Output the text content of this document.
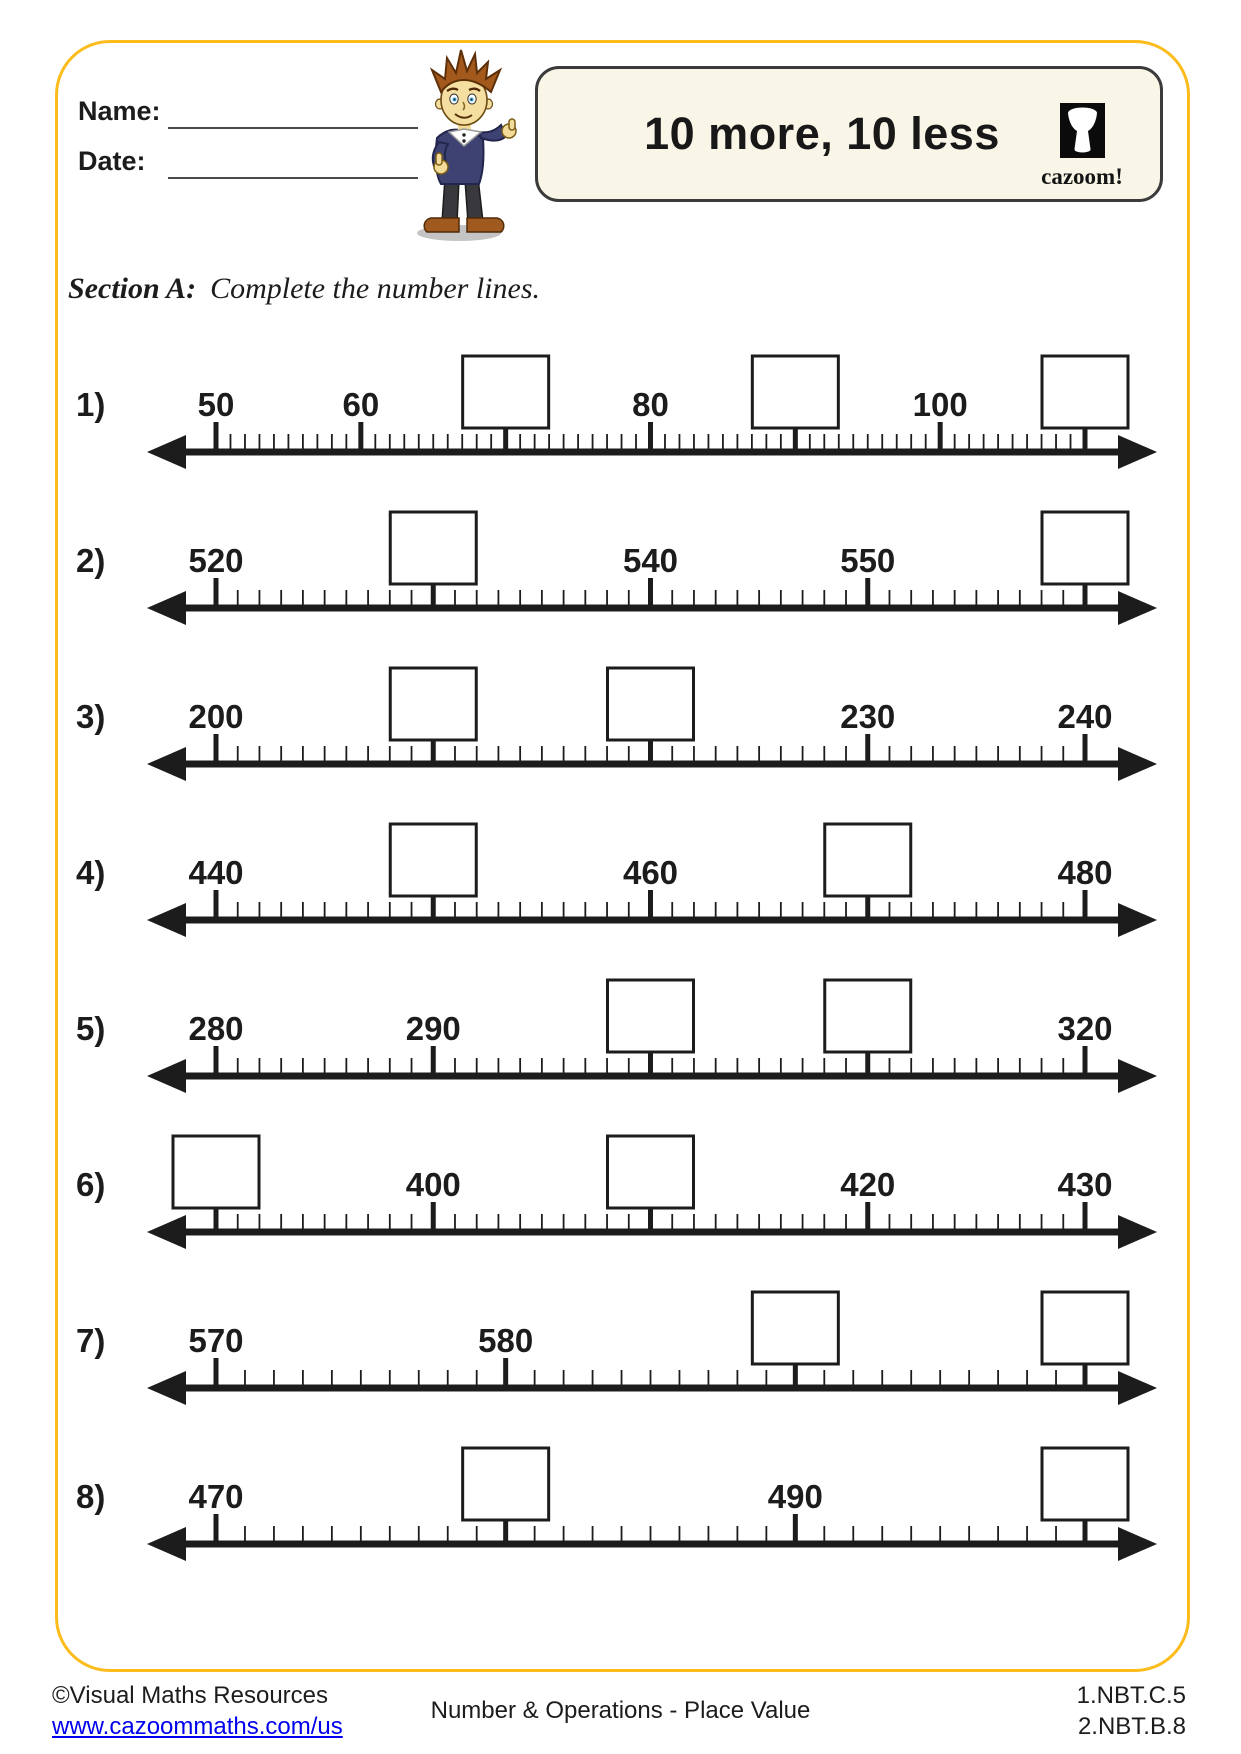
Name:
Date:
10 more, 10 less
cazoom!
Section A: Complete the number lines.
1)	50	60	80	100
2)	520	540	550
3)	200	230	240
4)	440	460	480
5)	280	290	320
6)	400	420	430
7)	570	580
8)	470	490
©Visual Maths Resources
www.cazoommaths.com/us
Number & Operations - Place Value
1.NBT.C.5
2.NBT.B.8
